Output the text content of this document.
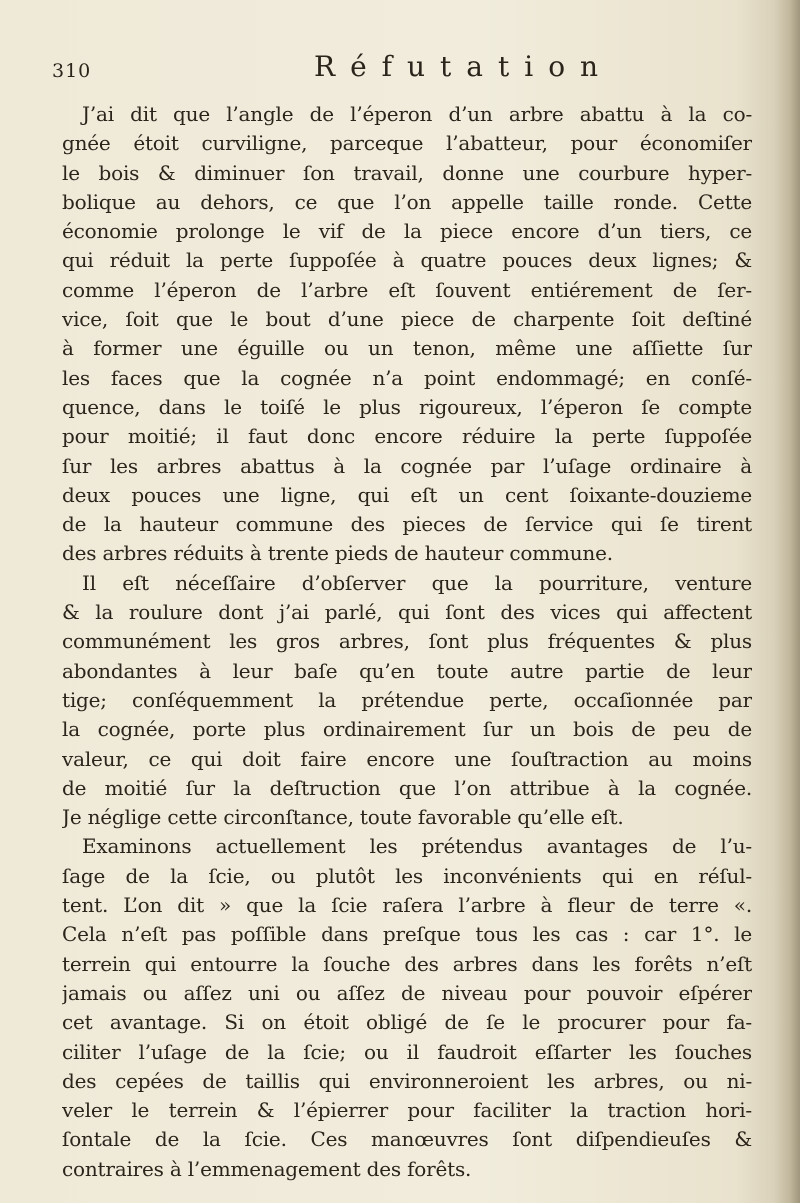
310	Réfutation
J’ai dit que l’angle de l’éperon d’un arbre abattu à la co-
gnée étoit curviligne, parceque l’abatteur, pour économiſer
le bois & diminuer ſon travail, donne une courbure hyper-
bolique au dehors, ce que l’on appelle taille ronde. Cette
économie prolonge le vif de la piece encore d’un tiers, ce
qui réduit la perte ſuppoſée à quatre pouces deux lignes; &
comme l’éperon de l’arbre eſt ſouvent entiérement de ſer-
vice, ſoit que le bout d’une piece de charpente ſoit deſtiné
à former une éguille ou un tenon, même une aſſiette ſur
les faces que la cognée n’a point endommagé; en conſé-
quence, dans le toiſé le plus rigoureux, l’éperon ſe compte
pour moitié; il faut donc encore réduire la perte ſuppoſée
ſur les arbres abattus à la cognée par l’uſage ordinaire à
deux pouces une ligne, qui eſt un cent ſoixante-douzieme
de la hauteur commune des pieces de ſervice qui ſe tirent
des arbres réduits à trente pieds de hauteur commune.
Il eſt néceſſaire d’obſerver que la pourriture, venture
& la roulure dont j’ai parlé, qui ſont des vices qui affectent
communément les gros arbres, ſont plus fréquentes & plus
abondantes à leur baſe qu’en toute autre partie de leur
tige; conſéquemment la prétendue perte, occaſionnée par
la cognée, porte plus ordinairement ſur un bois de peu de
valeur, ce qui doit faire encore une ſouſtraction au moins
de moitié ſur la deſtruction que l’on attribue à la cognée.
Je néglige cette circonſtance, toute favorable qu’elle eſt.
Examinons actuellement les prétendus avantages de l’u-
ſage de la ſcie, ou plutôt les inconvénients qui en réſul-
tent. L’on dit » que la ſcie raſera l’arbre à fleur de terre «.
Cela n’eſt pas poſſible dans preſque tous les cas : car 1°. le
terrein qui entourre la ſouche des arbres dans les forêts n’eſt
jamais ou aſſez uni ou aſſez de niveau pour pouvoir eſpérer
cet avantage. Si on étoit obligé de ſe le procurer pour fa-
ciliter l’uſage de la ſcie; ou il faudroit eſſarter les ſouches
des cepées de taillis qui environneroient les arbres, ou ni-
veler le terrein & l’épierrer pour faciliter la traction hori-
ſontale de la ſcie. Ces manœuvres ſont diſpendieuſes &
contraires à l’emmenagement des forêts.
